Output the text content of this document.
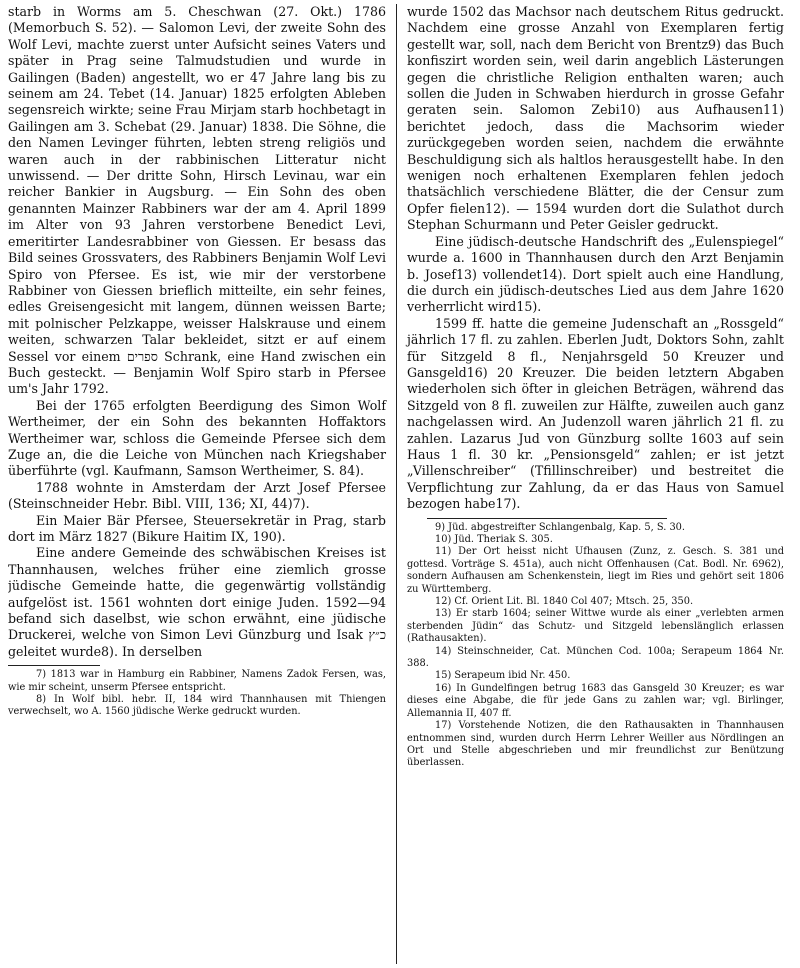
starb in Worms am 5. Cheschwan (27. Okt.) 1786 (Memorbuch S. 52). — Salomon Levi, der zweite Sohn des Wolf Levi, machte zuerst unter Aufsicht seines Vaters und später in Prag seine Talmudstudien und wurde in Gailingen (Baden) angestellt, wo er 47 Jahre lang bis zu seinem am 24. Tebet (14. Januar) 1825 erfolgten Ableben segensreich wirkte; seine Frau Mirjam starb hochbetagt in Gailingen am 3. Schebat (29. Januar) 1838. Die Söhne, die den Namen Levinger führten, lebten streng religiös und waren auch in der rabbinischen Litteratur nicht unwissend. — Der dritte Sohn, Hirsch Levinau, war ein reicher Bankier in Augsburg. — Ein Sohn des oben genannten Mainzer Rabbiners war der am 4. April 1899 im Alter von 93 Jahren verstorbene Benedict Levi, emeritirter Landesrabbiner von Giessen. Er besass das Bild seines Grossvaters, des Rabbiners Benjamin Wolf Levi Spiro von Pfersee. Es ist, wie mir der verstorbene Rabbiner von Giessen brieflich mitteilte, ein sehr feines, edles Greisengesicht mit langem, dünnen weissen Barte; mit polnischer Pelzkappe, weisser Halskrause und einem weiten, schwarzen Talar bekleidet, sitzt er auf einem Sessel vor einem ספרים Schrank, eine Hand zwischen ein Buch gesteckt. — Benjamin Wolf Spiro starb in Pfersee um's Jahr 1792.

Bei der 1765 erfolgten Beerdigung des Simon Wolf Wertheimer, der ein Sohn des bekannten Hoffaktors Wertheimer war, schloss die Gemeinde Pfersee sich dem Zuge an, die die Leiche von München nach Kriegshaber überführte (vgl. Kaufmann, Samson Wertheimer, S. 84).

1788 wohnte in Amsterdam der Arzt Josef Pfersee (Steinschneider Hebr. Bibl. VIII, 136; XI, 44)7).

Ein Maier Bär Pfersee, Steuersekretär in Prag, starb dort im März 1827 (Bikure Haitim IX, 190).

Eine andere Gemeinde des schwäbischen Kreises ist Thannhausen, welches früher eine ziemlich grosse jüdische Gemeinde hatte, die gegenwärtig vollständig aufgelöst ist. 1561 wohnten dort einige Juden. 1592—94 befand sich daselbst, wie schon erwähnt, eine jüdische Druckerei, welche von Simon Levi Günzburg und Isak כ״ץ geleitet wurde8). In derselben

7) 1813 war in Hamburg ein Rabbiner, Namens Zadok Fersen, was, wie mir scheint, unserm Pfersee entspricht.

8) In Wolf bibl. hebr. II, 184 wird Thannhausen mit Thiengen verwechselt, wo A. 1560 jüdische Werke gedruckt wurden.

wurde 1502 das Machsor nach deutschem Ritus gedruckt. Nachdem eine grosse Anzahl von Exemplaren fertig gestellt war, soll, nach dem Bericht von Brentz9) das Buch konfiszirt worden sein, weil darin angeblich Lästerungen gegen die christliche Religion enthalten waren; auch sollen die Juden in Schwaben hierdurch in grosse Gefahr geraten sein. Salomon Zebi10) aus Aufhausen11) berichtet jedoch, dass die Machsorim wieder zurückgegeben worden seien, nachdem die erwähnte Beschuldigung sich als haltlos herausgestellt habe. In den wenigen noch erhaltenen Exemplaren fehlen jedoch thatsächlich verschiedene Blätter, die der Censur zum Opfer fielen12). — 1594 wurden dort die Sulathot durch Stephan Schurmann und Peter Geisler gedruckt.

Eine jüdisch-deutsche Handschrift des „Eulenspiegel“ wurde a. 1600 in Thannhausen durch den Arzt Benjamin b. Josef13) vollendet14). Dort spielt auch eine Handlung, die durch ein jüdisch-deutsches Lied aus dem Jahre 1620 verherrlicht wird15).

1599 ff. hatte die gemeine Judenschaft an „Rossgeld“ jährlich 17 fl. zu zahlen. Eberlen Judt, Doktors Sohn, zahlt für Sitzgeld 8 fl., Nenjahrsgeld 50 Kreuzer und Gansgeld16) 20 Kreuzer. Die beiden letztern Abgaben wiederholen sich öfter in gleichen Beträgen, während das Sitzgeld von 8 fl. zuweilen zur Hälfte, zuweilen auch ganz nachgelassen wird. An Judenzoll waren jährlich 21 fl. zu zahlen. Lazarus Jud von Günzburg sollte 1603 auf sein Haus 1 fl. 30 kr. „Pensionsgeld“ zahlen; er ist jetzt „Villenschreiber“ (Tfillinschreiber) und bestreitet die Verpflichtung zur Zahlung, da er das Haus von Samuel bezogen habe17).

9) Jüd. abgestreifter Schlangenbalg, Kap. 5, S. 30.

10) Jüd. Theriak S. 305.

11) Der Ort heisst nicht Ufhausen (Zunz, z. Gesch. S. 381 und gottesd. Vorträge S. 451a), auch nicht Offenhausen (Cat. Bodl. Nr. 6962), sondern Aufhausen am Schenkenstein, liegt im Ries und gehört seit 1806 zu Württemberg.

12) Cf. Orient Lit. Bl. 1840 Col 407; Mtsch. 25, 350.

13) Er starb 1604; seiner Wittwe wurde als einer „verlebten armen sterbenden Jüdin“ das Schutz- und Sitzgeld lebenslänglich erlassen (Rathausakten).

14) Steinschneider, Cat. München Cod. 100a; Serapeum 1864 Nr. 388.

15) Serapeum ibid Nr. 450.

16) In Gundelfingen betrug 1683 das Gansgeld 30 Kreuzer; es war dieses eine Abgabe, die für jede Gans zu zahlen war; vgl. Birlinger, Allemannia II, 407 ff.

17) Vorstehende Notizen, die den Rathausakten in Thannhausen entnommen sind, wurden durch Herrn Lehrer Weiller aus Nördlingen an Ort und Stelle abgeschrieben und mir freundlichst zur Benützung überlassen.
